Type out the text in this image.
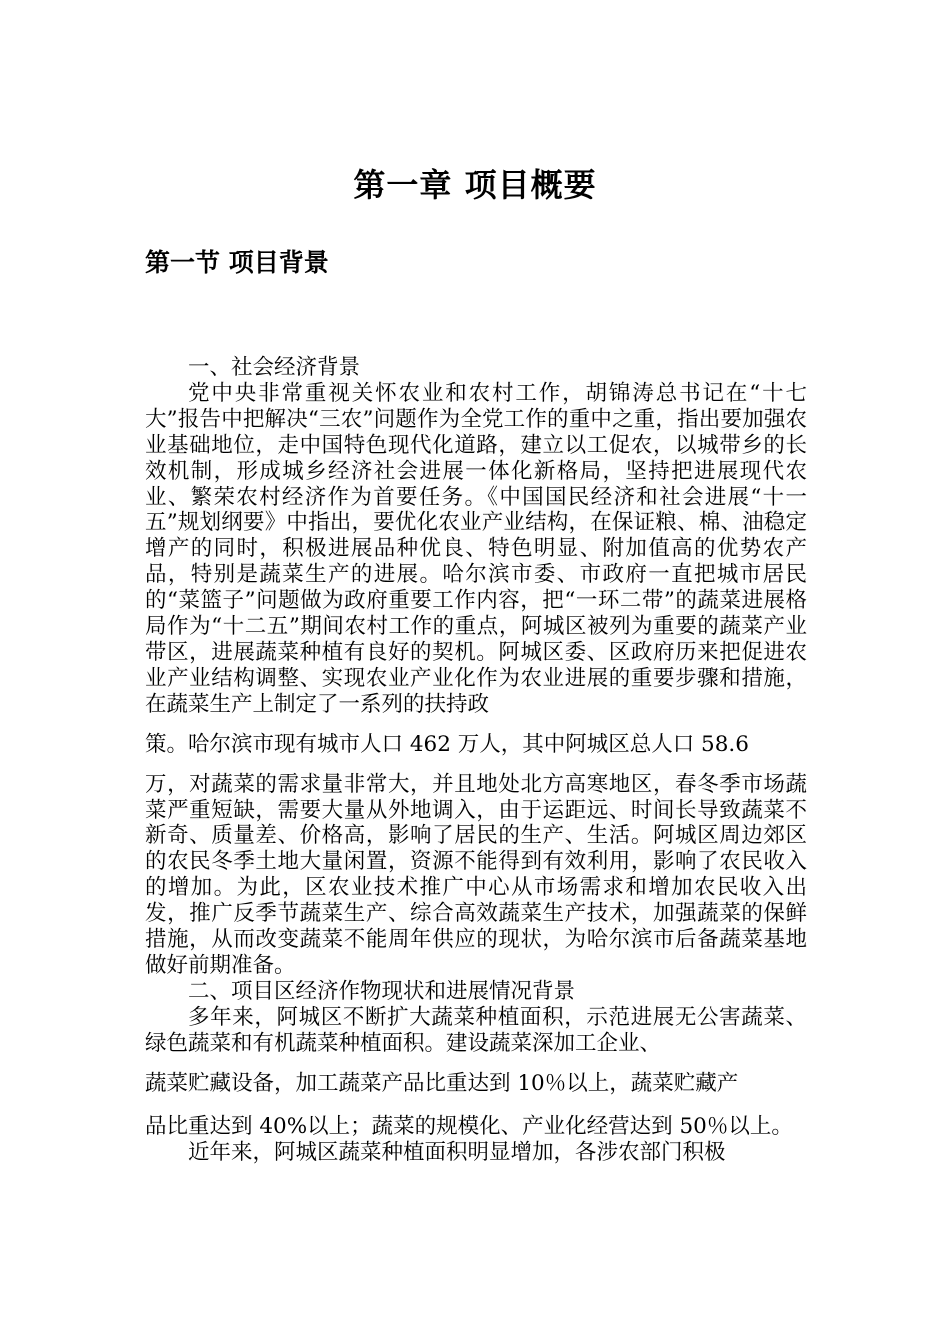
第一章 项目概要
第一节 项目背景

一、社会经济背景

党中央非常重视关怀农业和农村工作，胡锦涛总书记在“十七大”报告中把解决“三农”问题作为全党工作的重中之重，指出要加强农业基础地位，走中国特色现代化道路，建立以工促农，以城带乡的长效机制，形成城乡经济社会进展一体化新格局，坚持把进展现代农业、繁荣农村经济作为首要任务。《中国国民经济和社会进展“十一五”规划纲要》中指出，要优化农业产业结构，在保证粮、棉、油稳定增产的同时，积极进展品种优良、特色明显、附加值高的优势农产品，特别是蔬菜生产的进展。哈尔滨市委、市政府一直把城市居民的“菜篮子”问题做为政府重要工作内容，把“一环二带”的蔬菜进展格局作为“十二五”期间农村工作的重点，阿城区被列为重要的蔬菜产业带区，进展蔬菜种植有良好的契机。阿城区委、区政府历来把促进农业产业结构调整、实现农业产业化作为农业进展的重要步骤和措施，在蔬菜生产上制定了一系列的扶持政

策。哈尔滨市现有城市人口 462 万人，其中阿城区总人口 58.6

万，对蔬菜的需求量非常大，并且地处北方高寒地区，春冬季市场蔬菜严重短缺，需要大量从外地调入，由于运距远、时间长导致蔬菜不新奇、质量差、价格高，影响了居民的生产、生活。阿城区周边郊区的农民冬季土地大量闲置，资源不能得到有效利用，影响了农民收入的增加。为此，区农业技术推广中心从市场需求和增加农民收入出发，推广反季节蔬菜生产、综合高效蔬菜生产技术，加强蔬菜的保鲜措施，从而改变蔬菜不能周年供应的现状，为哈尔滨市后备蔬菜基地做好前期准备。

二、项目区经济作物现状和进展情况背景

多年来，阿城区不断扩大蔬菜种植面积，示范进展无公害蔬菜、绿色蔬菜和有机蔬菜种植面积。建设蔬菜深加工企业、

蔬菜贮藏设备，加工蔬菜产品比重达到 10％以上，蔬菜贮藏产

品比重达到 40%以上；蔬菜的规模化、产业化经营达到 50％以上。

近年来，阿城区蔬菜种植面积明显增加，各涉农部门积极
